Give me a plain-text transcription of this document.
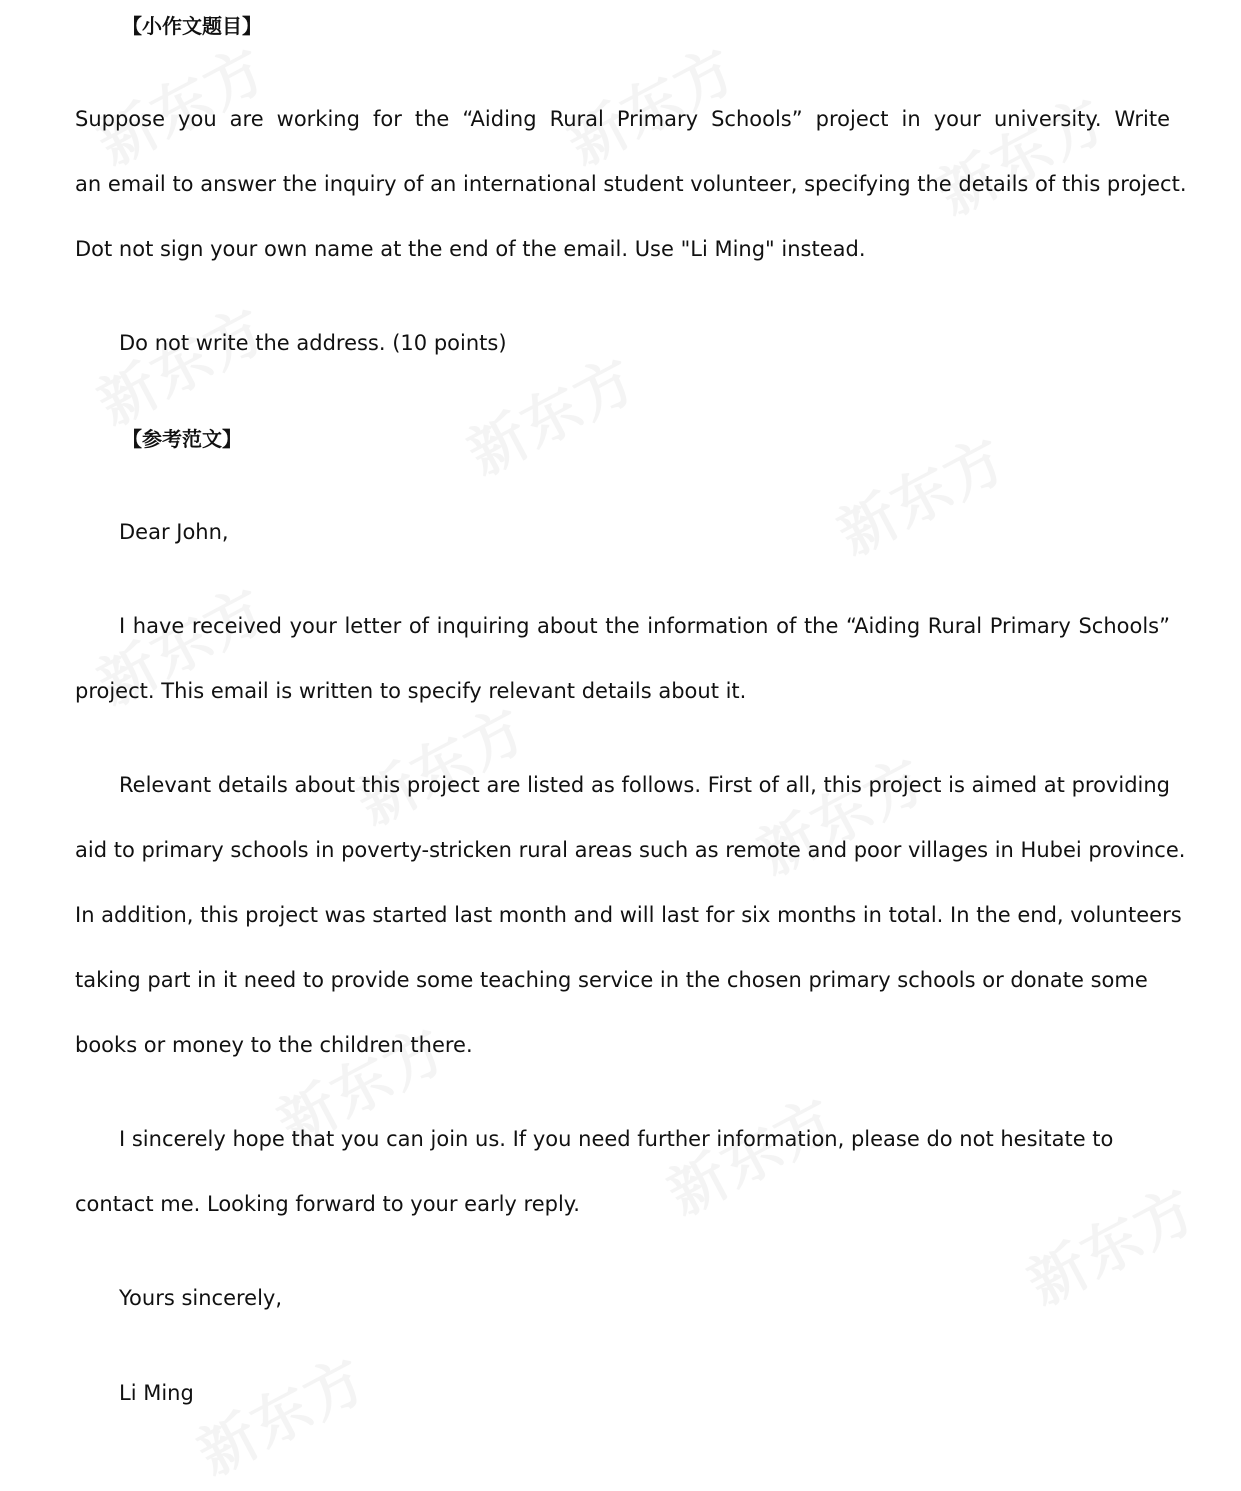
【小作文题目】
Suppose you are working for the “Aiding Rural Primary Schools” project in your university. Write
an email to answer the inquiry of an international student volunteer, specifying the details of this project.
Dot not sign your own name at the end of the email. Use "Li Ming" instead.
Do not write the address. (10 points)
【参考范文】
Dear John,
I have received your letter of inquiring about the information of the “Aiding Rural Primary Schools”
project. This email is written to specify relevant details about it.
Relevant details about this project are listed as follows. First of all, this project is aimed at providing
aid to primary schools in poverty-stricken rural areas such as remote and poor villages in Hubei province.
In addition, this project was started last month and will last for six months in total. In the end, volunteers
taking part in it need to provide some teaching service in the chosen primary schools or donate some
books or money to the children there.
I sincerely hope that you can join us. If you need further information, please do not hesitate to
contact me. Looking forward to your early reply.
Yours sincerely,
Li Ming
